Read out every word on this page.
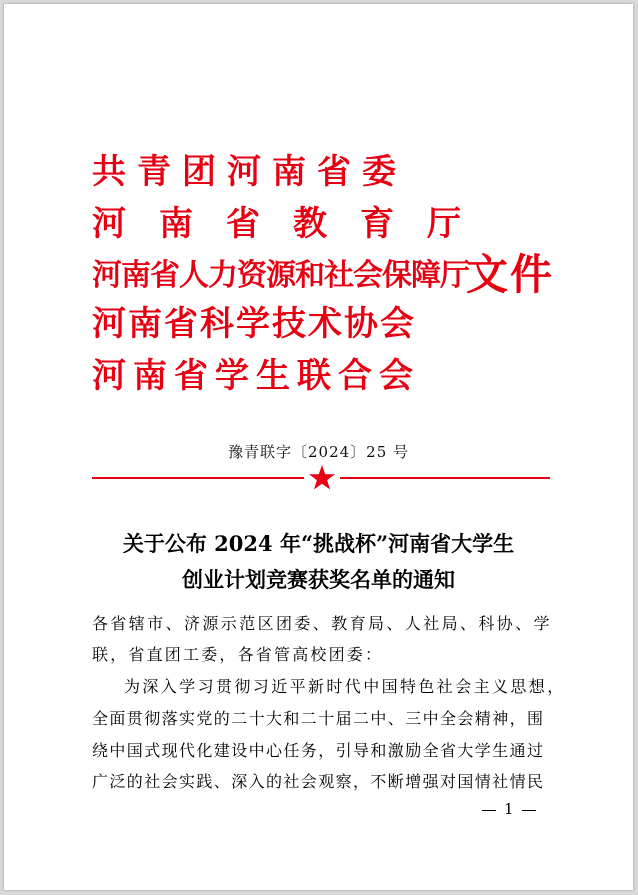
共青团河南省委
河南省教育厅
河南省人力资源和社会保障厅
河南省科学技术协会
河南省学生联合会
文件
豫青联字〔2024〕25 号
关于公布 2024 年“挑战杯”河南省大学生
创业计划竞赛获奖名单的通知
各省辖市、济源示范区团委、教育局、人社局、科协、学
联，省直团工委，各省管高校团委：
为深入学习贯彻习近平新时代中国特色社会主义思想，
全面贯彻落实党的二十大和二十届二中、三中全会精神，围
绕中国式现代化建设中心任务，引导和激励全省大学生通过
广泛的社会实践、深入的社会观察，不断增强对国情社情民
1
